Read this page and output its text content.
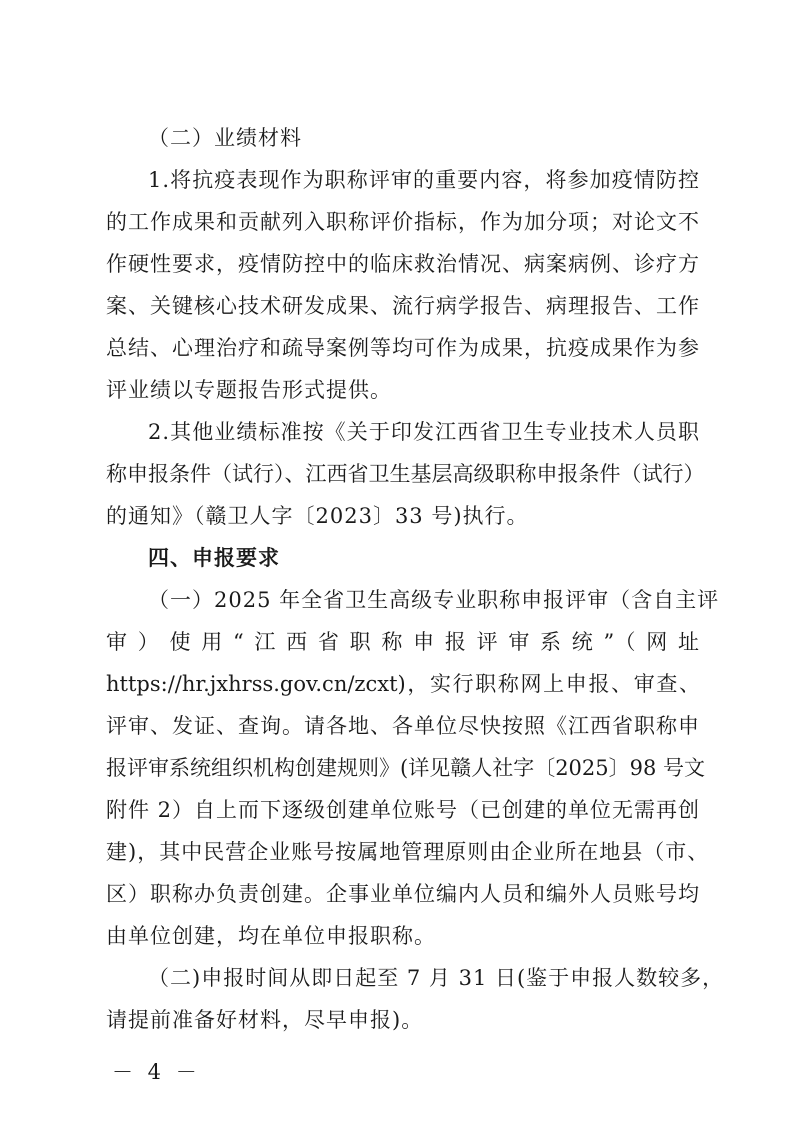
（二）业绩材料
1.将抗疫表现作为职称评审的重要内容，将参加疫情防控
的工作成果和贡献列入职称评价指标，作为加分项；对论文不
作硬性要求，疫情防控中的临床救治情况、病案病例、诊疗方
案、关键核心技术研发成果、流行病学报告、病理报告、工作
总结、心理治疗和疏导案例等均可作为成果，抗疫成果作为参
评业绩以专题报告形式提供。
2.其他业绩标准按《关于印发江西省卫生专业技术人员职
称申报条件（试行）、江西省卫生基层高级职称申报条件（试行）
的通知》（赣卫人字〔2023〕33 号)执行。
四、申报要求
（一）2025 年全省卫生高级专业职称申报评审（含自主评
审）使用“江西省职称申报评审系统”（网址
https://hr.jxhrss.gov.cn/zcxt)，实行职称网上申报、审查、
评审、发证、查询。请各地、各单位尽快按照《江西省职称申
报评审系统组织机构创建规则》(详见赣人社字〔2025〕98 号文
附件 2）自上而下逐级创建单位账号（已创建的单位无需再创
建)，其中民营企业账号按属地管理原则由企业所在地县（市、
区）职称办负责创建。企事业单位编内人员和编外人员账号均
由单位创建，均在单位申报职称。
（二)申报时间从即日起至 7 月 31 日(鉴于申报人数较多，
请提前准备好材料，尽早申报)。
－ 4 －
